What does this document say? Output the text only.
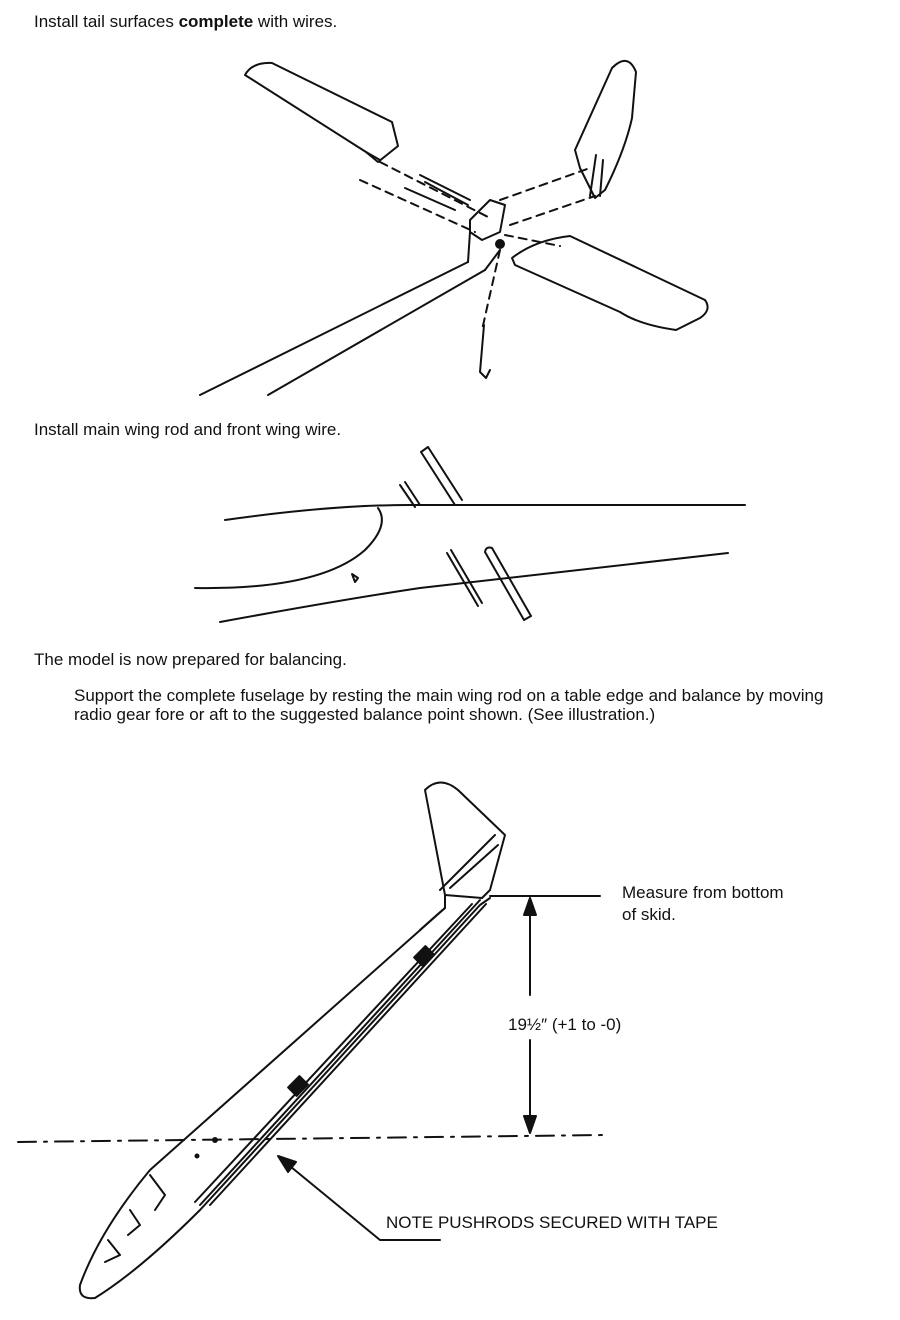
Install tail surfaces complete with wires.
Install main wing rod and front wing wire.
The model is now prepared for balancing.
Support the complete fuselage by resting the main wing rod on a table edge and balance by moving radio gear fore or aft to the suggested balance point shown. (See illustration.)
Measure from bottom
of skid.
19½″ (+1 to -0)
NOTE PUSHRODS SECURED WITH TAPE
